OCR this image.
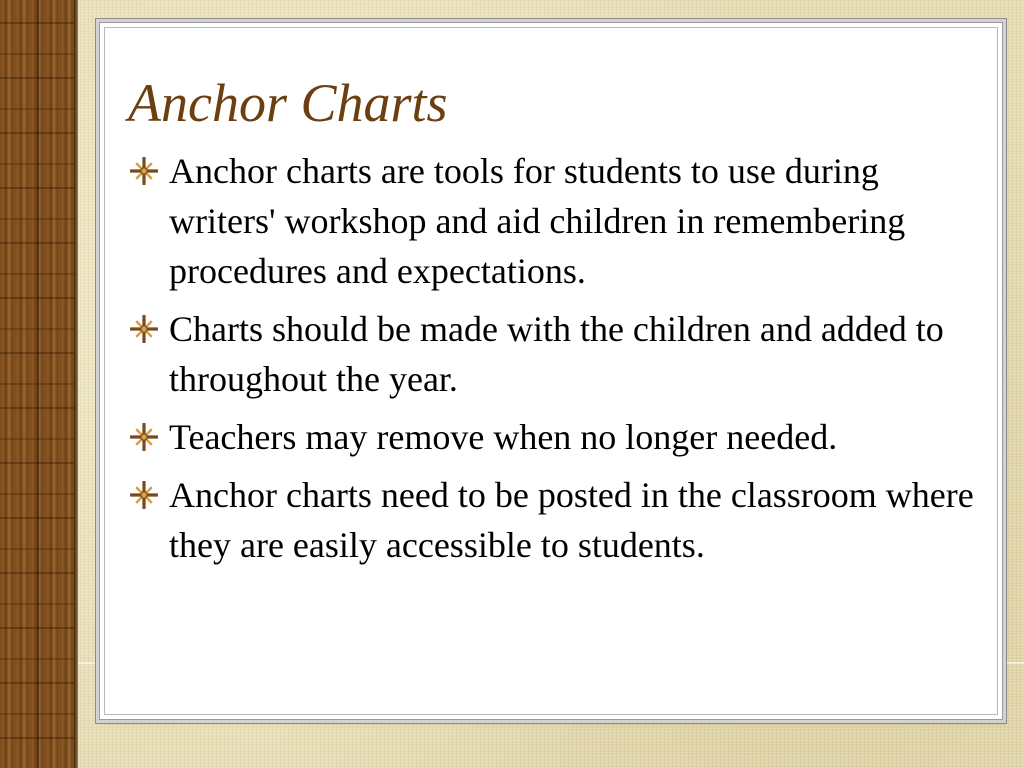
Anchor Charts
Anchor charts are tools for students to use during writers' workshop and aid children in remembering procedures and expectations.
Charts should be made with the children and added to throughout the year.
Teachers may remove when no longer needed.
Anchor charts need to be posted in the classroom where they are easily accessible to students.
